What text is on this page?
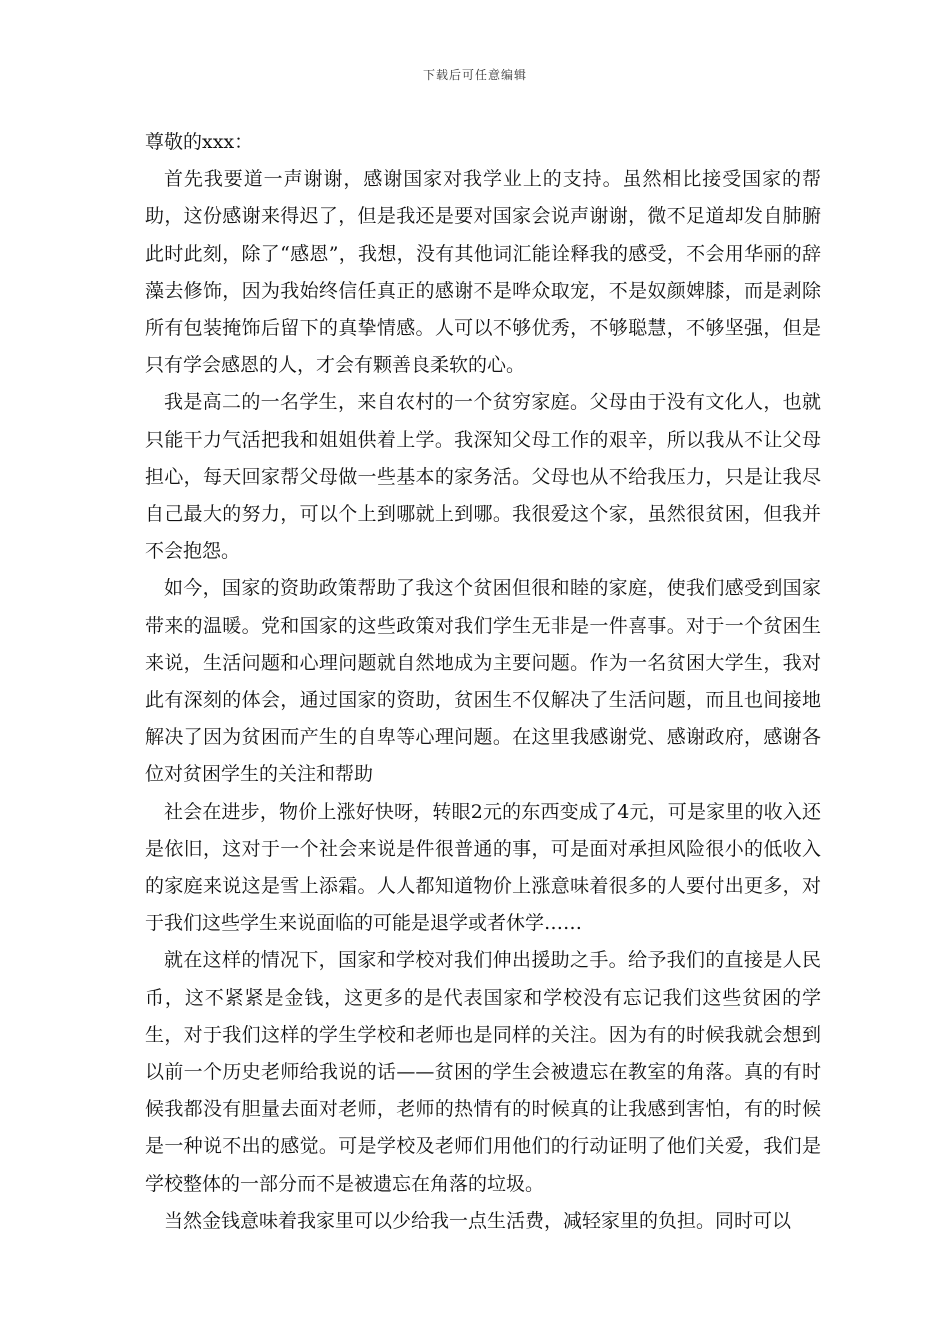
下载后可任意编辑

尊敬的xxx：

首先我要道一声谢谢，感谢国家对我学业上的支持。虽然相比接受国家的帮助，这份感谢来得迟了，但是我还是要对国家会说声谢谢，微不足道却发自肺腑此时此刻，除了“感恩”，我想，没有其他词汇能诠释我的感受，不会用华丽的辞藻去修饰，因为我始终信任真正的感谢不是哗众取宠，不是奴颜婢膝，而是剥除所有包装掩饰后留下的真挚情感。人可以不够优秀，不够聪慧，不够坚强，但是只有学会感恩的人，才会有颗善良柔软的心。

我是高二的一名学生，来自农村的一个贫穷家庭。父母由于没有文化人，也就只能干力气活把我和姐姐供着上学。我深知父母工作的艰辛，所以我从不让父母担心，每天回家帮父母做一些基本的家务活。父母也从不给我压力，只是让我尽自己最大的努力，可以个上到哪就上到哪。我很爱这个家，虽然很贫困，但我并不会抱怨。

如今，国家的资助政策帮助了我这个贫困但很和睦的家庭，使我们感受到国家带来的温暖。党和国家的这些政策对我们学生无非是一件喜事。对于一个贫困生来说，生活问题和心理问题就自然地成为主要问题。作为一名贫困大学生，我对此有深刻的体会，通过国家的资助，贫困生不仅解决了生活问题，而且也间接地解决了因为贫困而产生的自卑等心理问题。在这里我感谢党、感谢政府，感谢各位对贫困学生的关注和帮助

社会在进步，物价上涨好快呀，转眼2元的东西变成了4元，可是家里的收入还是依旧，这对于一个社会来说是件很普通的事，可是面对承担风险很小的低收入的家庭来说这是雪上添霜。人人都知道物价上涨意味着很多的人要付出更多，对于我们这些学生来说面临的可能是退学或者休学……

就在这样的情况下，国家和学校对我们伸出援助之手。给予我们的直接是人民币，这不紧紧是金钱，这更多的是代表国家和学校没有忘记我们这些贫困的学生，对于我们这样的学生学校和老师也是同样的关注。因为有的时候我就会想到以前一个历史老师给我说的话——贫困的学生会被遗忘在教室的角落。真的有时候我都没有胆量去面对老师，老师的热情有的时候真的让我感到害怕，有的时候是一种说不出的感觉。可是学校及老师们用他们的行动证明了他们关爱，我们是学校整体的一部分而不是被遗忘在角落的垃圾。

当然金钱意味着我家里可以少给我一点生活费，减轻家里的负担。同时可以
